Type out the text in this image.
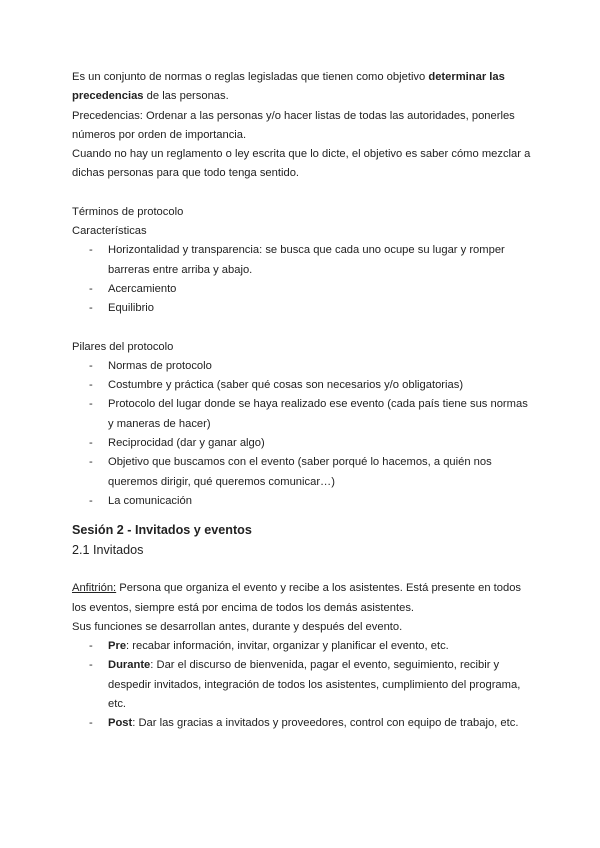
Es un conjunto de normas o reglas legisladas que tienen como objetivo determinar las precedencias de las personas.

Precedencias: Ordenar a las personas y/o hacer listas de todas las autoridades, ponerles números por orden de importancia.

Cuando no hay un reglamento o ley escrita que lo dicte, el objetivo es saber cómo mezclar a dichas personas para que todo tenga sentido.

Términos de protocolo

Características

- Horizontalidad y transparencia: se busca que cada uno ocupe su lugar y romper barreras entre arriba y abajo.
- Acercamiento
- Equilibrio

Pilares del protocolo

- Normas de protocolo
- Costumbre y práctica (saber qué cosas son necesarios y/o obligatorias)
- Protocolo del lugar donde se haya realizado ese evento (cada país tiene sus normas y maneras de hacer)
- Reciprocidad (dar y ganar algo)
- Objetivo que buscamos con el evento (saber porqué lo hacemos, a quién nos queremos dirigir, qué queremos comunicar…)
- La comunicación
Sesión 2 - Invitados y eventos
2.1 Invitados

Anfitrión: Persona que organiza el evento y recibe a los asistentes. Está presente en todos los eventos, siempre está por encima de todos los demás asistentes.

Sus funciones se desarrollan antes, durante y después del evento.

- Pre: recabar información, invitar, organizar y planificar el evento, etc.
- Durante: Dar el discurso de bienvenida, pagar el evento, seguimiento, recibir y despedir invitados, integración de todos los asistentes, cumplimiento del programa, etc.
- Post: Dar las gracias a invitados y proveedores, control con equipo de trabajo, etc.
